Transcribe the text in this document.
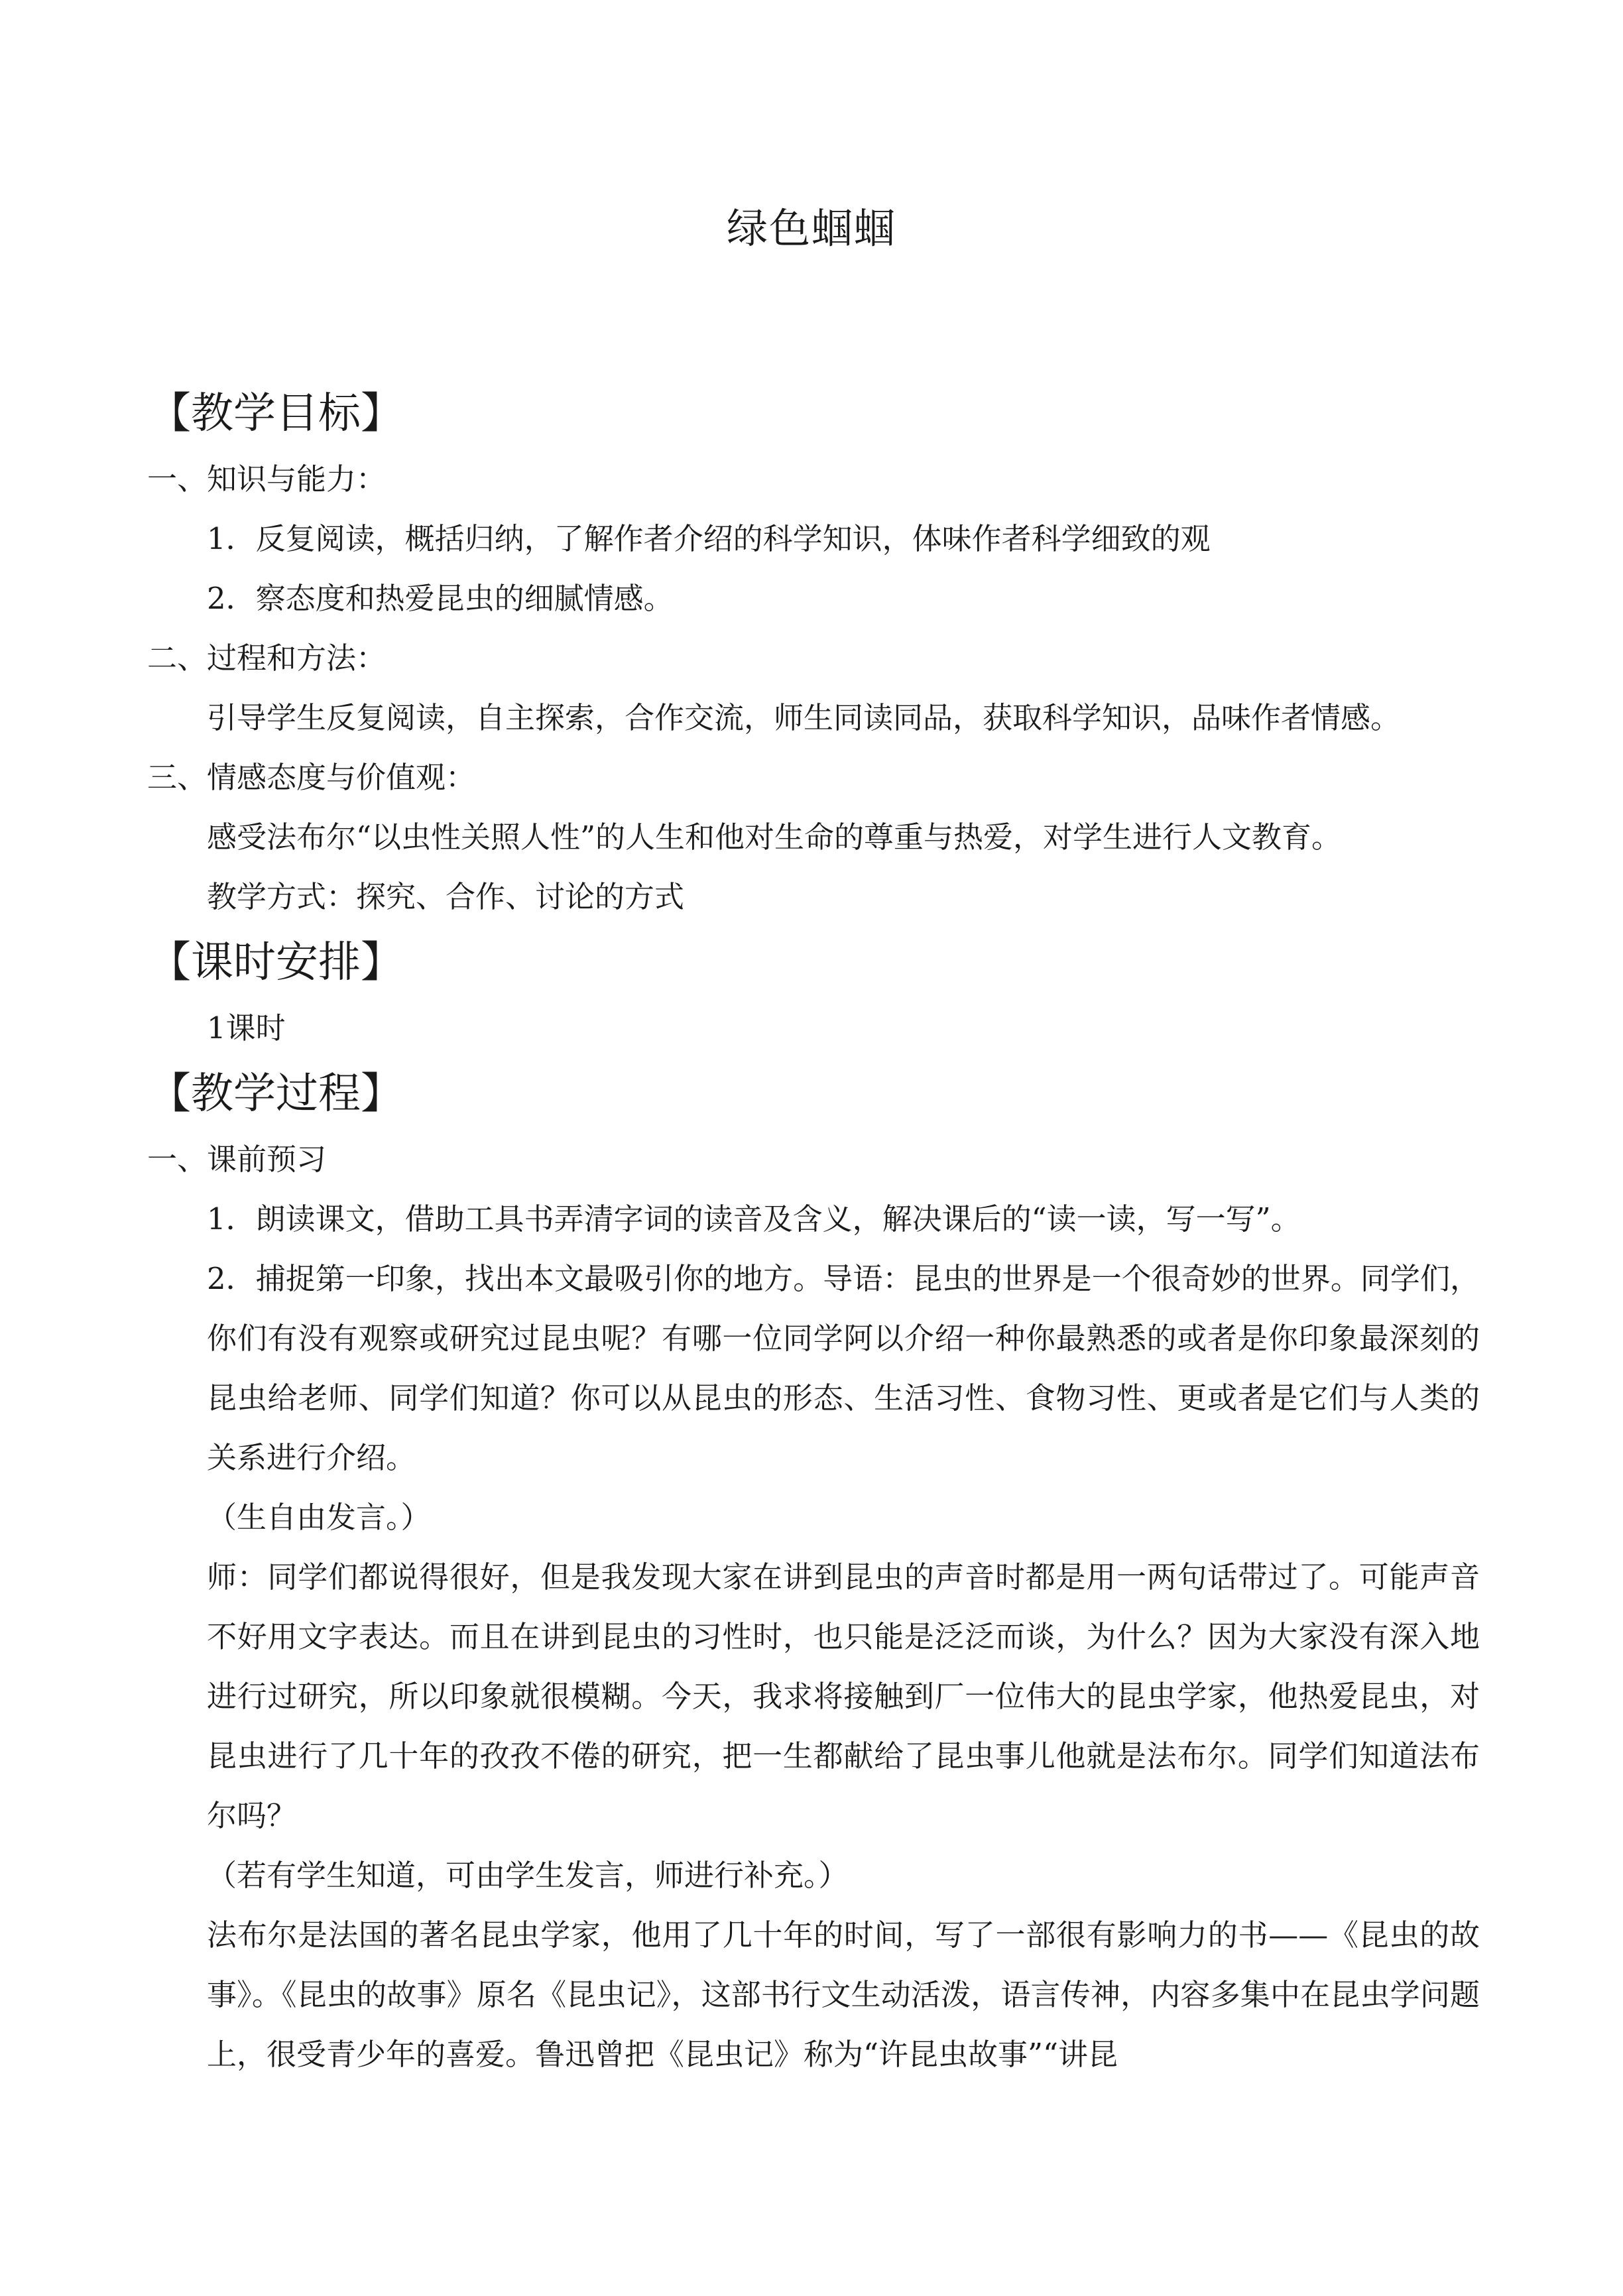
绿色蝈蝈
【教学目标】
一、知识与能力：
1．反复阅读，概括归纳，了解作者介绍的科学知识，体味作者科学细致的观
2．察态度和热爱昆虫的细腻情感。
二、过程和方法：
引导学生反复阅读，自主探索，合作交流，师生同读同品，获取科学知识，品味作者情感。
三、情感态度与价值观：
感受法布尔“以虫性关照人性”的人生和他对生命的尊重与热爱，对学生进行人文教育。
教学方式：探究、合作、讨论的方式
【课时安排】
1课时
【教学过程】
一、课前预习
1．朗读课文，借助工具书弄清字词的读音及含义，解决课后的“读一读，写一写”。
2．捕捉第一印象，找出本文最吸引你的地方。导语：昆虫的世界是一个很奇妙的世界。同学们，你们有没有观察或研究过昆虫呢？有哪一位同学阿以介绍一种你最熟悉的或者是你印象最深刻的昆虫给老师、同学们知道？你可以从昆虫的形态、生活习性、食物习性、更或者是它们与人类的关系进行介绍。
（生自由发言。）
师：同学们都说得很好，但是我发现大家在讲到昆虫的声音时都是用一两句话带过了。可能声音不好用文字表达。而且在讲到昆虫的习性时，也只能是泛泛而谈，为什么？因为大家没有深入地进行过研究，所以印象就很模糊。今天，我求将接触到厂一位伟大的昆虫学家，他热爱昆虫，对昆虫进行了几十年的孜孜不倦的研究，把一生都献给了昆虫事儿他就是法布尔。同学们知道法布尔吗？
（若有学生知道，可由学生发言，师进行补充。）
法布尔是法国的著名昆虫学家，他用了几十年的时间，写了一部很有影响力的书——《昆虫的故事》。《昆虫的故事》原名《昆虫记》，这部书行文生动活泼，语言传神，内容多集中在昆虫学问题上，很受青少年的喜爱。鲁迅曾把《昆虫记》称为“许昆虫故事”“讲昆
